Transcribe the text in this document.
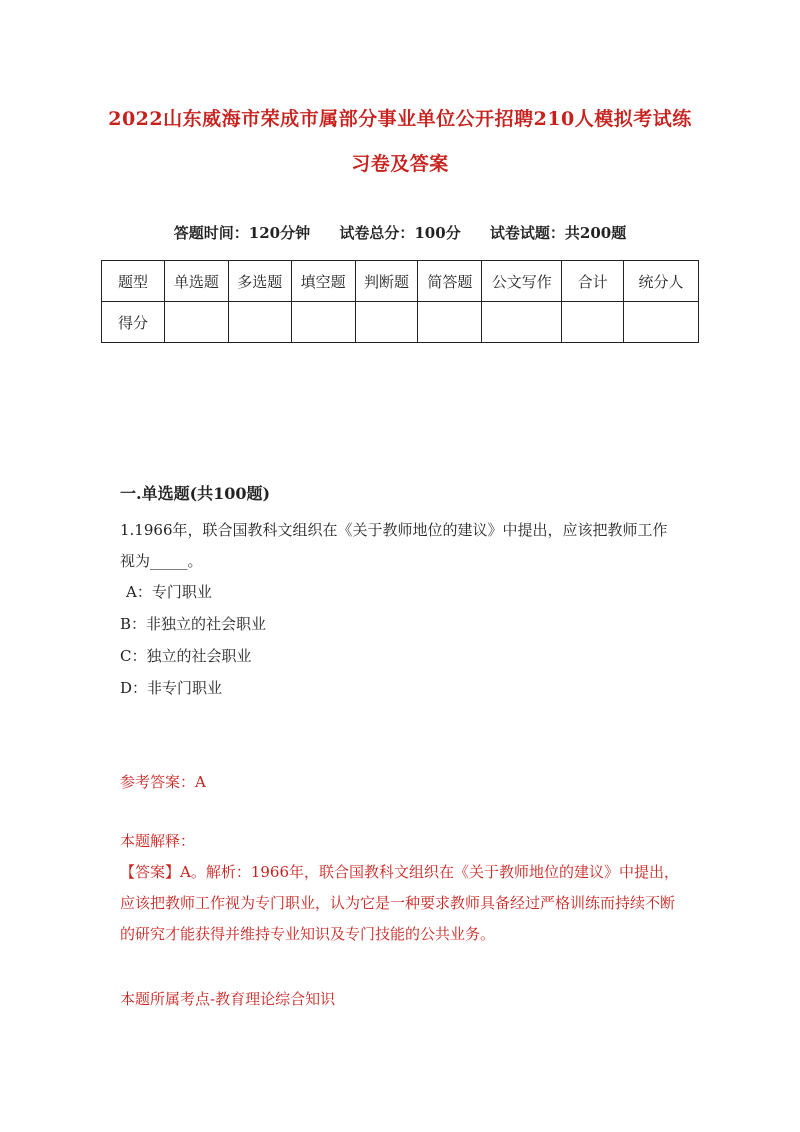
2022山东威海市荣成市属部分事业单位公开招聘210人模拟考试练
习卷及答案
答题时间：120分钟 试卷总分：100分 试卷试题：共200题
题型	单选题	多选题	填空题	判断题	简答题	公文写作	合计	统分人
得分								
一.单选题(共100题)
1.1966年，联合国教科文组织在《关于教师地位的建议》中提出，应该把教师工作视为_____。
A：专门职业
B：非独立的社会职业
C：独立的社会职业
D：非专门职业
参考答案：A
本题解释：
【答案】A。解析：1966年，联合国教科文组织在《关于教师地位的建议》中提出，应该把教师工作视为专门职业，认为它是一种要求教师具备经过严格训练而持续不断的研究才能获得并维持专业知识及专门技能的公共业务。
本题所属考点-教育理论综合知识
